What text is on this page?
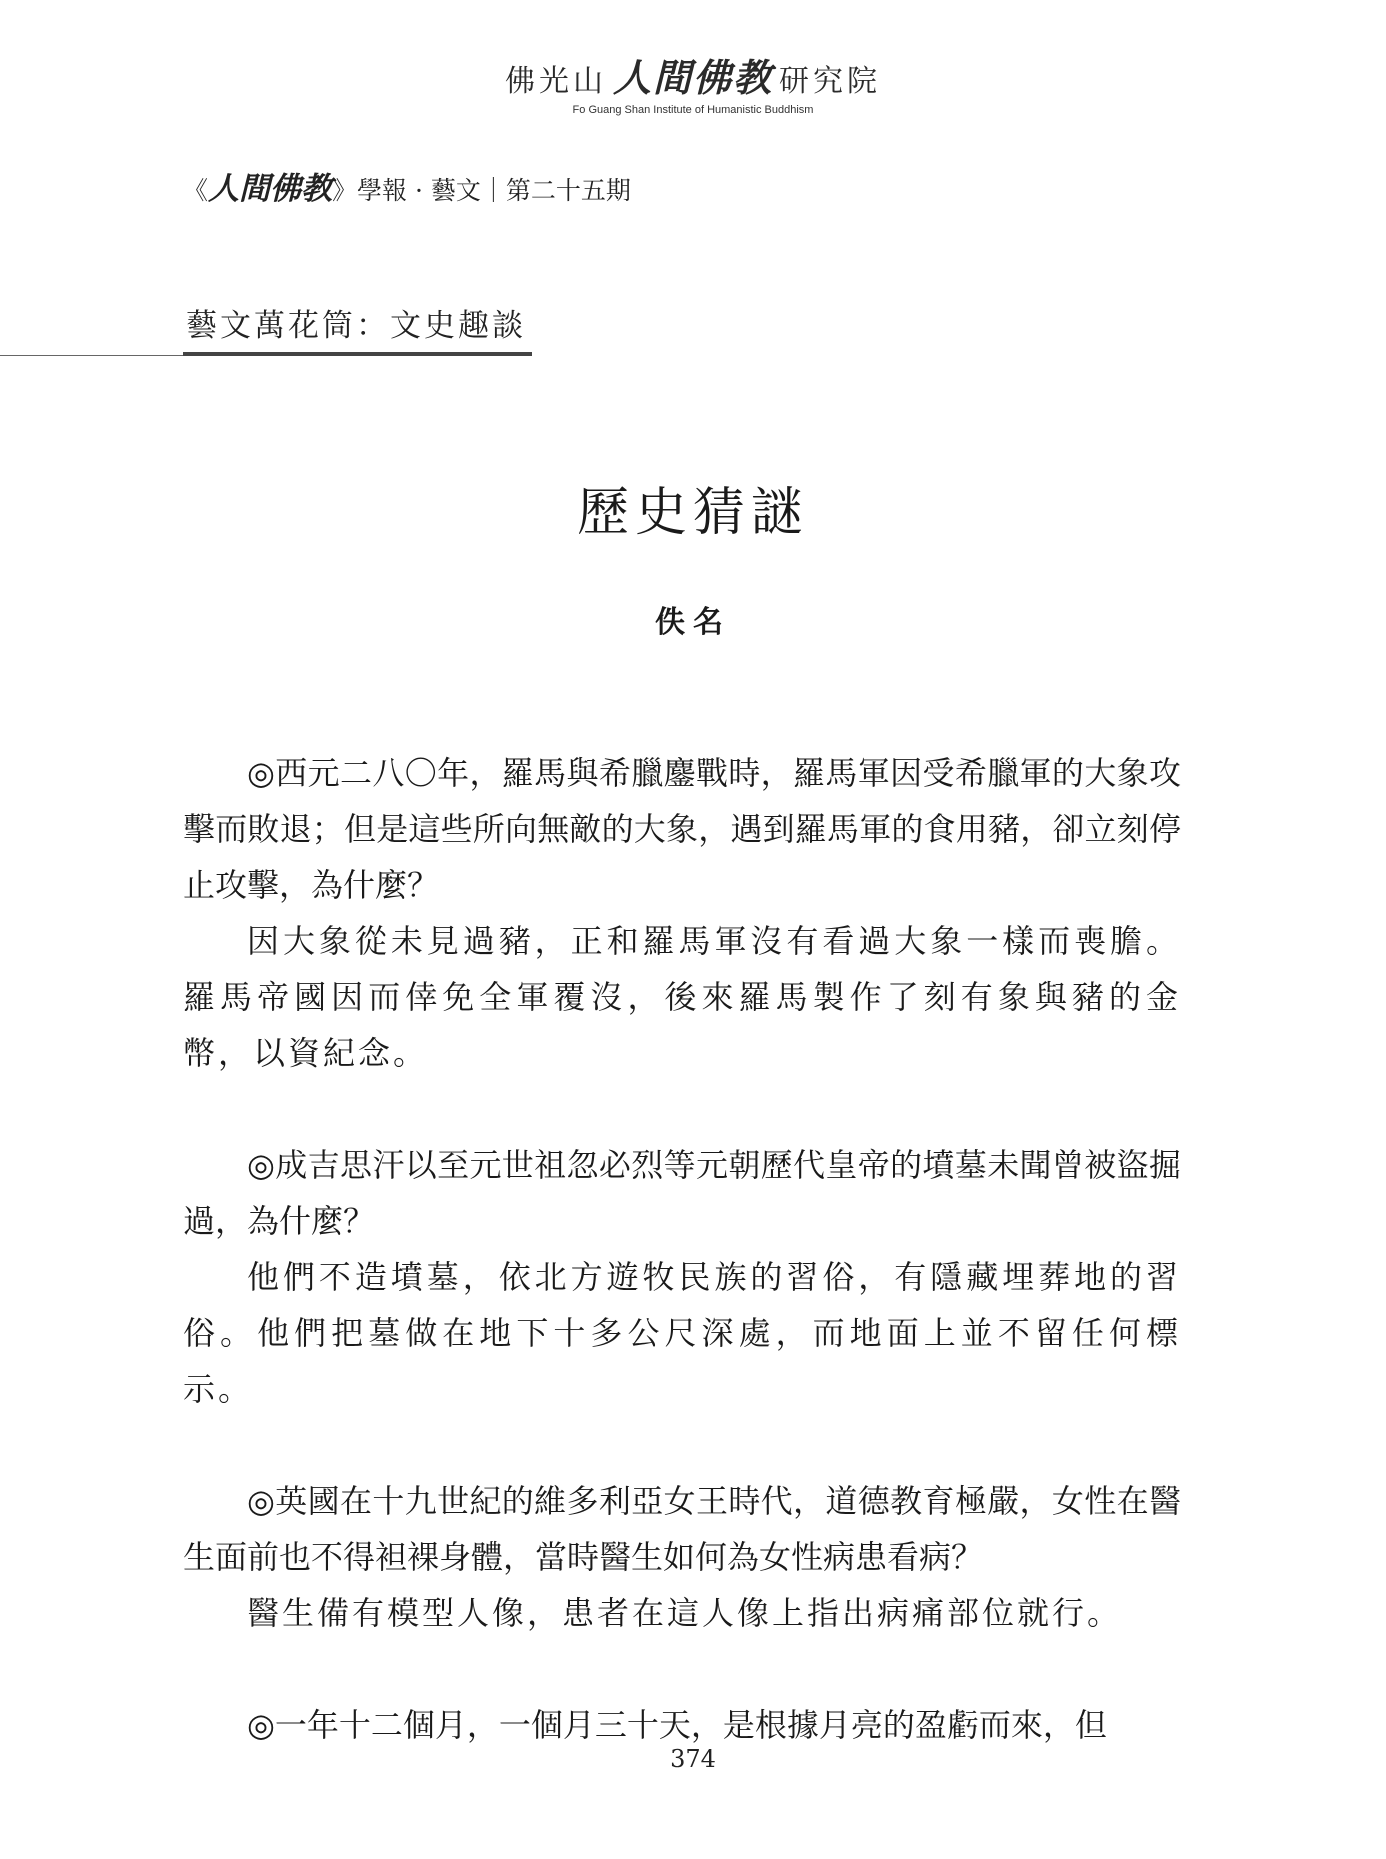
佛光山 人間佛教 研究院
Fo Guang Shan Institute of Humanistic Buddhism
《人間佛教》學報 · 藝文｜第二十五期
藝文萬花筒：文史趣談
歷史猜謎
佚名

◎西元二八〇年，羅馬與希臘鏖戰時，羅馬軍因受希臘軍的大象攻擊而敗退；但是這些所向無敵的大象，遇到羅馬軍的食用豬，卻立刻停止攻擊，為什麼？

因大象從未見過豬，正和羅馬軍沒有看過大象一樣而喪膽。羅馬帝國因而倖免全軍覆沒，後來羅馬製作了刻有象與豬的金幣，以資紀念。

◎成吉思汗以至元世祖忽必烈等元朝歷代皇帝的墳墓未聞曾被盜掘過，為什麼？

他們不造墳墓，依北方遊牧民族的習俗，有隱藏埋葬地的習俗。他們把墓做在地下十多公尺深處，而地面上並不留任何標示。

◎英國在十九世紀的維多利亞女王時代，道德教育極嚴，女性在醫生面前也不得袒裸身體，當時醫生如何為女性病患看病？

醫生備有模型人像，患者在這人像上指出病痛部位就行。

◎一年十二個月，一個月三十天，是根據月亮的盈虧而來，但

374
